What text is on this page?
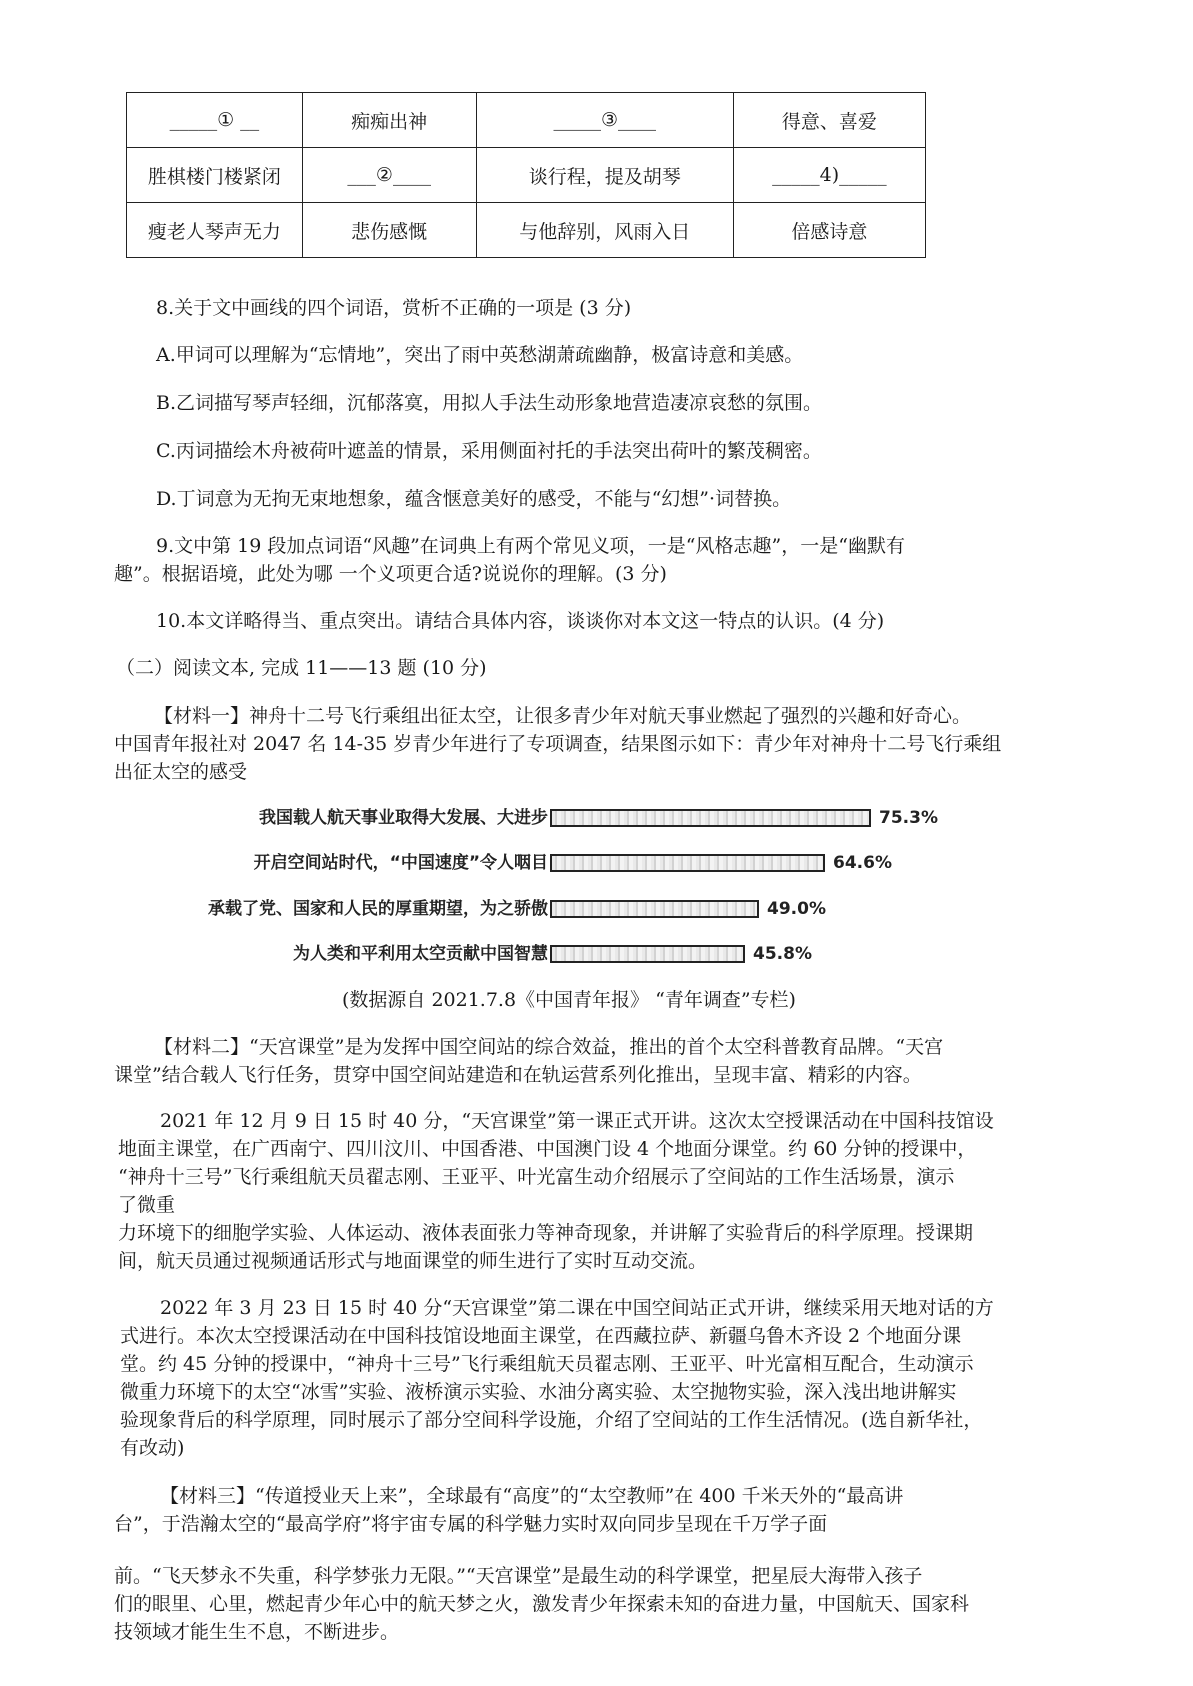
_____① __	痴痴出神	_____③____	得意、喜爱
胜棋楼门楼紧闭	___②____	谈行程，提及胡琴	_____4)_____
瘦老人琴声无力	悲伤感慨	与他辞别，风雨入日	倍感诗意
8.关于文中画线的四个词语，赏析不正确的一项是 (3 分)
A.甲词可以理解为“忘情地”，突出了雨中英愁湖萧疏幽静，极富诗意和美感。
B.乙词描写琴声轻细，沉郁落寞，用拟人手法生动形象地营造凄凉哀愁的氛围。
C.丙词描绘木舟被荷叶遮盖的情景，采用侧面衬托的手法突出荷叶的繁茂稠密。
D.丁词意为无拘无束地想象，蕴含惬意美好的感受，不能与“幻想”·词替换。
9.文中第 19 段加点词语“风趣”在词典上有两个常见义项，一是“风格志趣”，一是“幽默有
趣”。根据语境，此处为哪 一个义项更合适?说说你的理解。(3 分)
10.本文详略得当、重点突出。请结合具体内容，谈谈你对本文这一特点的认识。(4 分)
（二）阅读文本, 完成 11——13 题 (10 分)
【材料一】神舟十二号飞行乘组出征太空，让很多青少年对航天事业燃起了强烈的兴趣和好奇心。
中国青年报社对 2047 名 14-35 岁青少年进行了专项调查，结果图示如下：青少年对神舟十二号飞行乘组
出征太空的感受
我国载人航天事业取得大发展、大进步	75.3%
开启空间站时代，“中国速度”令人咽目	64.6%
承载了党、国家和人民的厚重期望，为之骄傲	49.0%
为人类和平利用太空贡献中国智慧	45.8%
(数据源自 2021.7.8《中国青年报》 “青年调查”专栏)
【材料二】“天宫课堂”是为发挥中国空间站的综合效益，推出的首个太空科普教育品牌。“天宫
课堂”结合载人飞行任务，贯穿中国空间站建造和在轨运营系列化推出，呈现丰富、精彩的内容。
2021 年 12 月 9 日 15 时 40 分，“天宫课堂”第一课正式开讲。这次太空授课活动在中国科技馆设
地面主课堂，在广西南宁、四川汶川、中国香港、中国澳门设 4 个地面分课堂。约 60 分钟的授课中，
“神舟十三号”飞行乘组航天员翟志刚、王亚平、叶光富生动介绍展示了空间站的工作生活场景，演示
了微重
力环境下的细胞学实验、人体运动、液体表面张力等神奇现象，并讲解了实验背后的科学原理。授课期
间，航天员通过视频通话形式与地面课堂的师生进行了实时互动交流。
2022 年 3 月 23 日 15 时 40 分“天宫课堂”第二课在中国空间站正式开讲，继续采用天地对话的方
式进行。本次太空授课活动在中国科技馆设地面主课堂，在西藏拉萨、新疆乌鲁木齐设 2 个地面分课
堂。约 45 分钟的授课中，“神舟十三号”飞行乘组航天员翟志刚、王亚平、叶光富相互配合，生动演示
微重力环境下的太空“冰雪”实验、液桥演示实验、水油分离实验、太空抛物实验，深入浅出地讲解实
验现象背后的科学原理，同时展示了部分空间科学设施，介绍了空间站的工作生活情况。(选自新华社，
有改动)
【材料三】“传道授业天上来”，全球最有“高度”的“太空教师”在 400 千米天外的“最高讲
台”，于浩瀚太空的“最高学府”将宇宙专属的科学魅力实时双向同步呈现在千万学子面
前。“飞天梦永不失重，科学梦张力无限。”“天宫课堂”是最生动的科学课堂，把星辰大海带入孩子
们的眼里、心里，燃起青少年心中的航天梦之火，激发青少年探索未知的奋进力量，中国航天、国家科
技领域才能生生不息，不断进步。
